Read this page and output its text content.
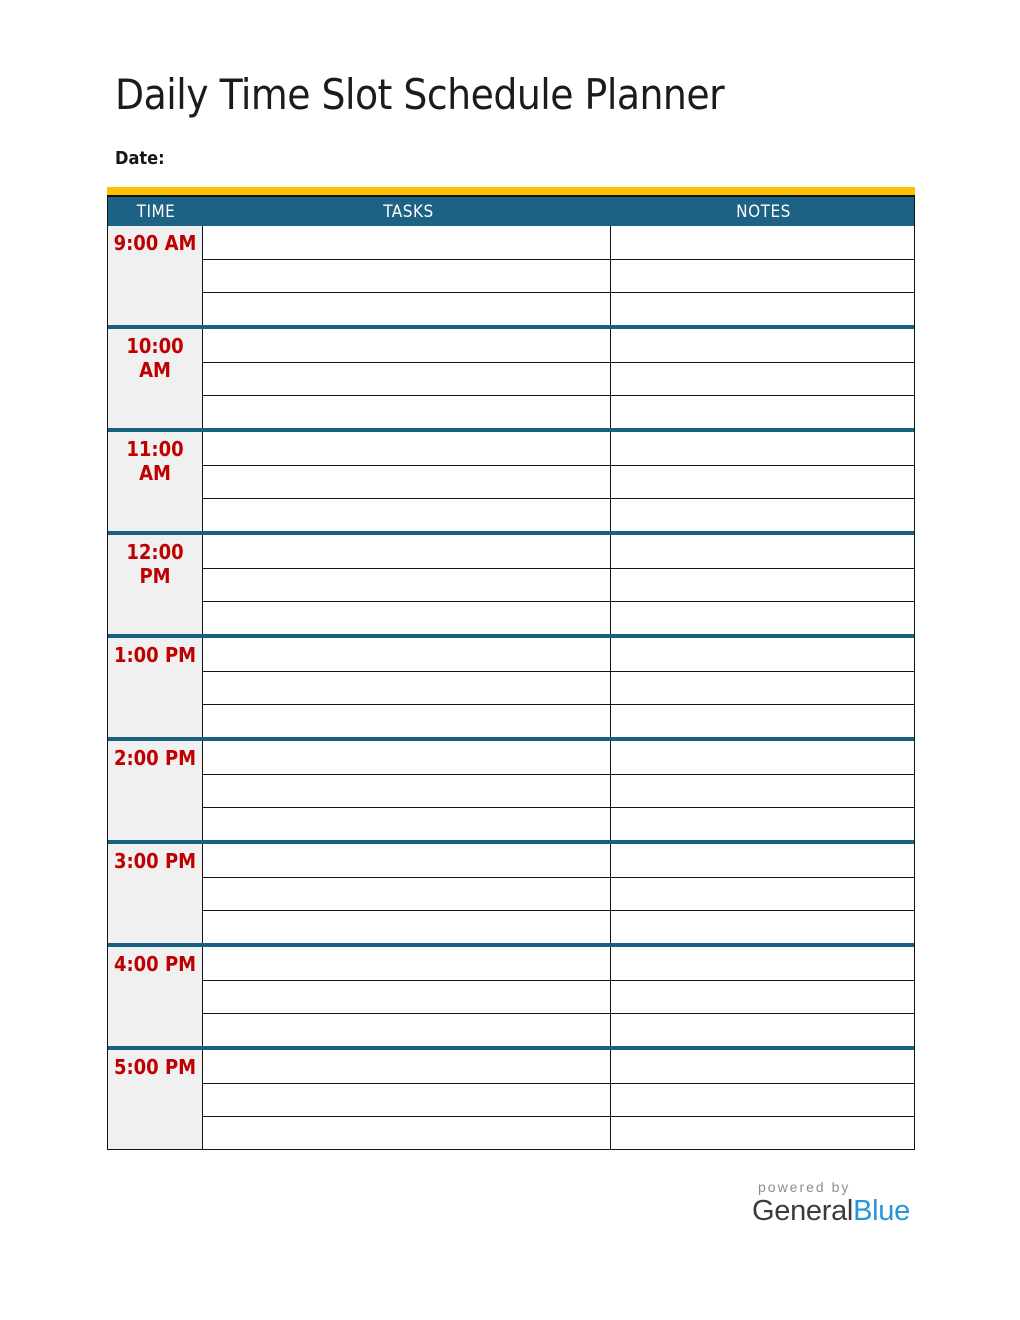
Daily Time Slot Schedule Planner
Date:
TIME	TASKS	NOTES
9:00 AM
10:00 AM
11:00 AM
12:00 PM
1:00 PM
2:00 PM
3:00 PM
4:00 PM
5:00 PM
powered by
GeneralBlue
